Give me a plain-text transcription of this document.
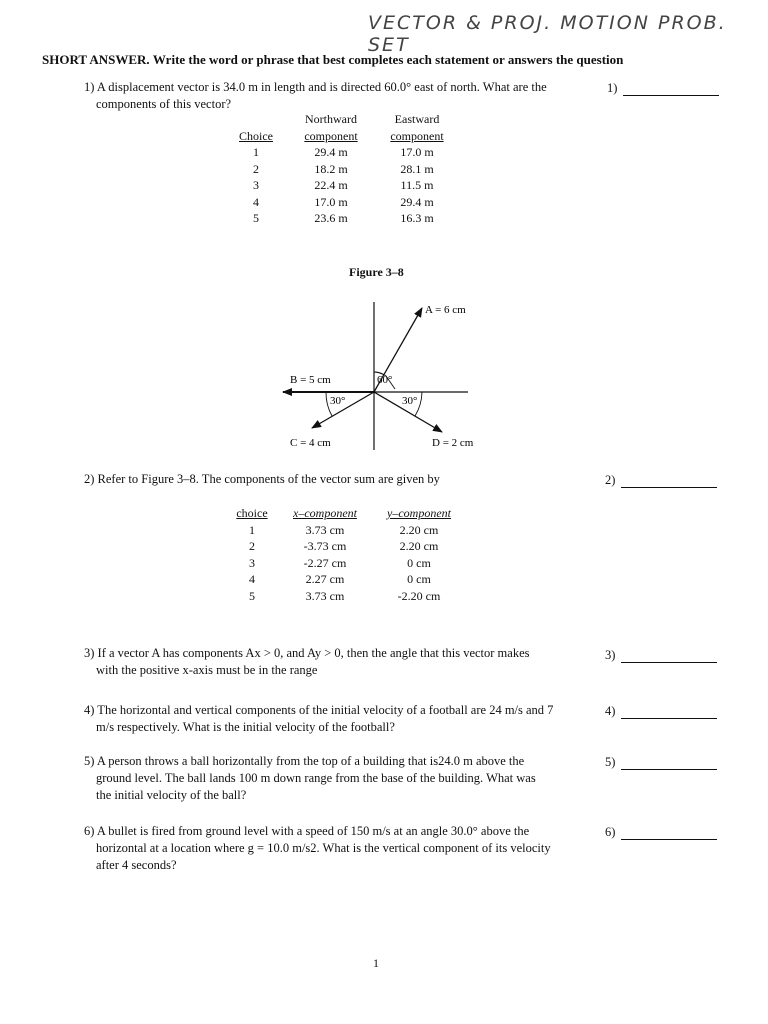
VECTOR & PROJ. MOTION PROB. SET
SHORT ANSWER. Write the word or phrase that best completes each statement or answers the question
1) A displacement vector is 34.0 m in length and is directed 60.0° east of north. What are the
components of this vector?
1)
	Northward	Eastward
Choice	component	component
1	29.4 m	17.0 m
2	18.2 m	28.1 m
3	22.4 m	11.5 m
4	17.0 m	29.4 m
5	23.6 m	16.3 m
Figure 3–8
A = 6 cm
B = 5 cm
C = 4 cm	D = 2 cm
60°
30°	30°
2) Refer to Figure 3–8. The components of the vector sum are given by	2)
choice	x–component	y–component
1	3.73 cm	2.20 cm
2	-3.73 cm	2.20 cm
3	-2.27 cm	0 cm
4	2.27 cm	0 cm
5	3.73 cm	-2.20 cm
3) If a vector A has components Ax > 0, and Ay > 0, then the angle that this vector makes
with the positive x-axis must be in the range
3)
4) The horizontal and vertical components of the initial velocity of a football are 24 m/s and 7
m/s respectively. What is the initial velocity of the football?
4)
5) A person throws a ball horizontally from the top of a building that is24.0 m above the
ground level. The ball lands 100 m down range from the base of the building. What was
the initial velocity of the ball?
5)
6) A bullet is fired from ground level with a speed of 150 m/s at an angle 30.0° above the
horizontal at a location where g = 10.0 m/s2. What is the vertical component of its velocity
after 4 seconds?
6)
1
